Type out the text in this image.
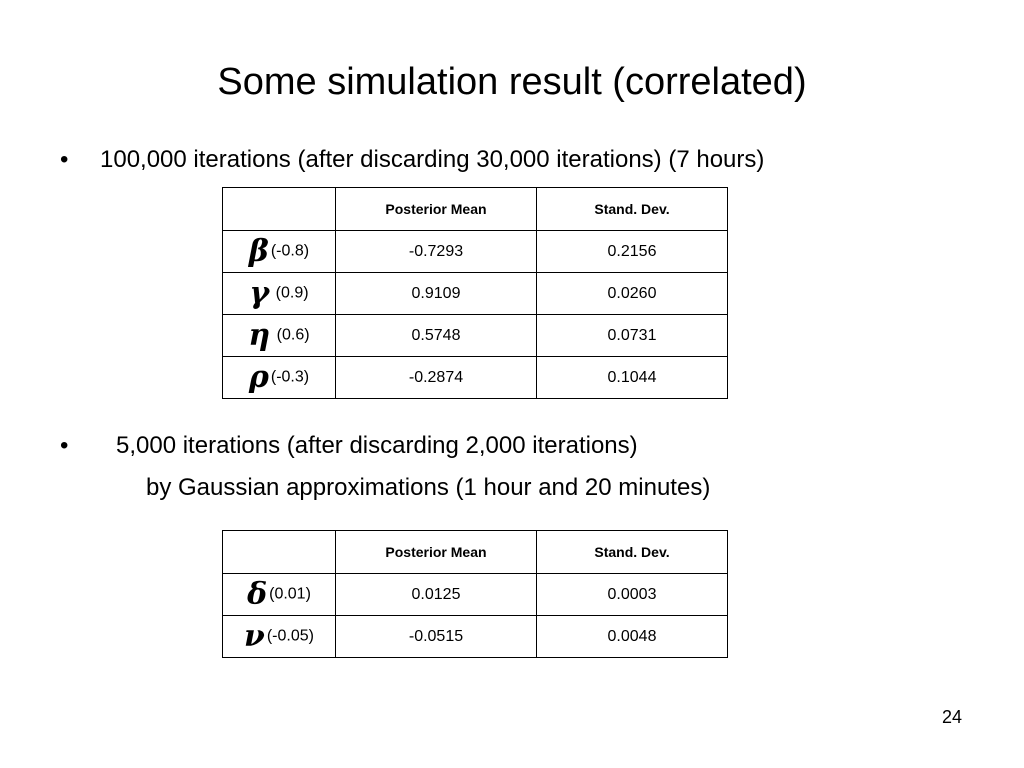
Some simulation result (correlated)
• 100,000 iterations (after discarding 30,000 iterations) (7 hours)
	Posterior Mean	Stand. Dev.
β (-0.8)	-0.7293	0.2156
γ (0.9)	0.9109	0.0260
η (0.6)	0.5748	0.0731
ρ (-0.3)	-0.2874	0.1044
• 5,000 iterations (after discarding 2,000 iterations)
by Gaussian approximations (1 hour and 20 minutes)
	Posterior Mean	Stand. Dev.
δ (0.01)	0.0125	0.0003
ν (-0.05)	-0.0515	0.0048
24
